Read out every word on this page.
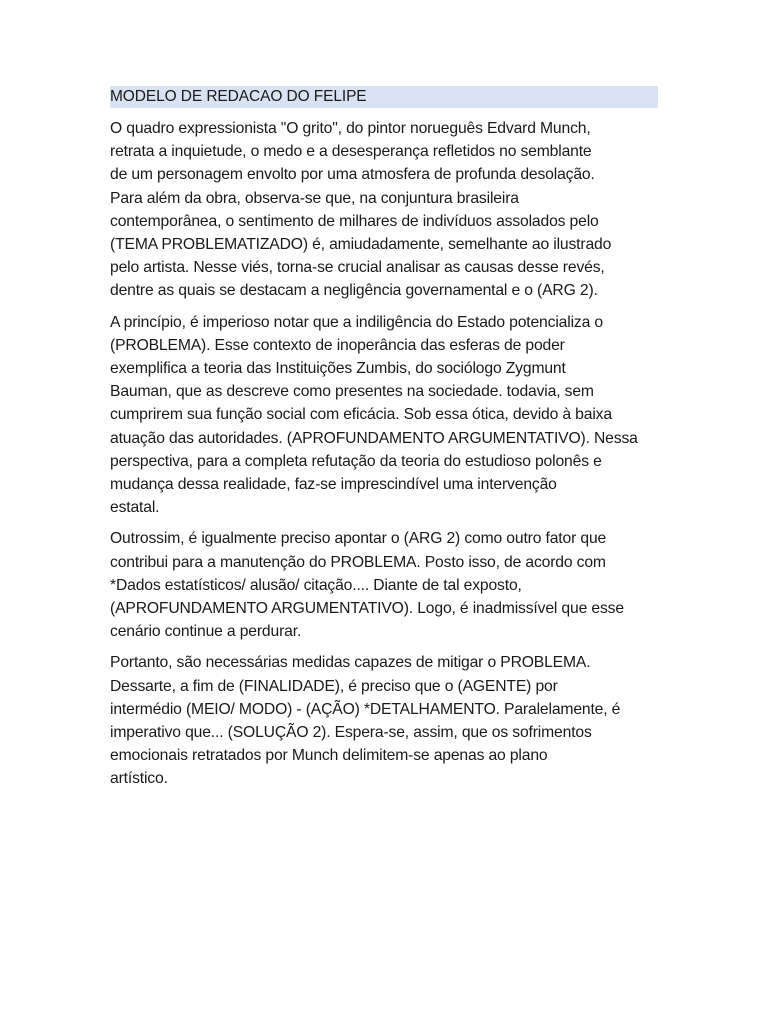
MODELO DE REDACAO DO FELIPE

O quadro expressionista "O grito", do pintor norueguês Edvard Munch,
retrata a inquietude, o medo e a desesperança refletidos no semblante
de um personagem envolto por uma atmosfera de profunda desolação.
Para além da obra, observa-se que, na conjuntura brasileira
contemporânea, o sentimento de milhares de indivíduos assolados pelo
(TEMA PROBLEMATIZADO) é, amiudadamente, semelhante ao ilustrado
pelo artista. Nesse viés, torna-se crucial analisar as causas desse revés,
dentre as quais se destacam a negligência governamental e o (ARG 2).

A princípio, é imperioso notar que a indiligência do Estado potencializa o
(PROBLEMA). Esse contexto de inoperância das esferas de poder
exemplifica a teoria das Instituições Zumbis, do sociólogo Zygmunt
Bauman, que as descreve como presentes na sociedade. todavia, sem
cumprirem sua função social com eficácia. Sob essa ótica, devido à baixa
atuação das autoridades. (APROFUNDAMENTO ARGUMENTATIVO). Nessa
perspectiva, para a completa refutação da teoria do estudioso polonês e
mudança dessa realidade, faz-se imprescindível uma intervenção
estatal.

Outrossim, é igualmente preciso apontar o (ARG 2) como outro fator que
contribui para a manutenção do PROBLEMA. Posto isso, de acordo com
*Dados estatísticos/ alusão/ citação.... Diante de tal exposto,
(APROFUNDAMENTO ARGUMENTATIVO). Logo, é inadmissível que esse
cenário continue a perdurar.

Portanto, são necessárias medidas capazes de mitigar o PROBLEMA.
Dessarte, a fim de (FINALIDADE), é preciso que o (AGENTE) por
intermédio (MEIO/ MODO) - (AÇÃO) *DETALHAMENTO. Paralelamente, é
imperativo que... (SOLUÇÃO 2). Espera-se, assim, que os sofrimentos
emocionais retratados por Munch delimitem-se apenas ao plano
artístico.
